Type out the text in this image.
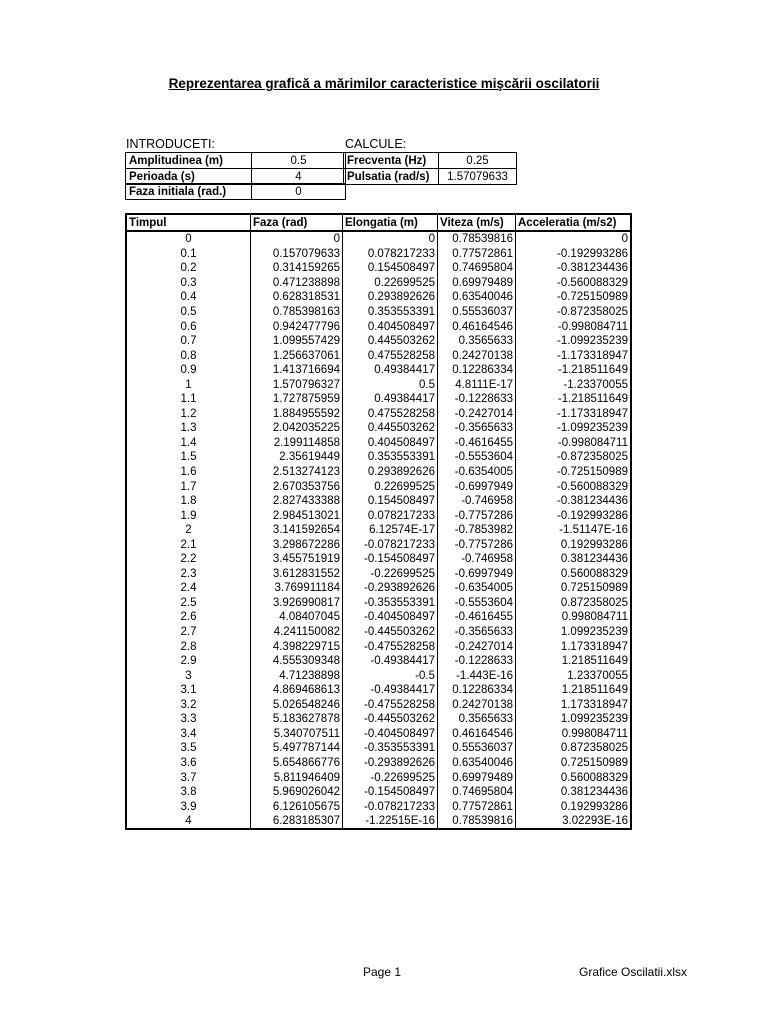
Reprezentarea grafică a mărimilor caracteristice mişcării oscilatorii
INTRODUCETI:	CALCULE:
Amplitudinea (m)	0.5
Perioada (s)	4
Faza initiala (rad.)	0
Frecventa (Hz)	0.25
Pulsatia (rad/s)	1.57079633
Timpul	Faza (rad)	Elongatia (m)	Viteza (m/s)	Acceleratia (m/s2)
0	0	0	0.78539816	0
0.1	0.157079633	0.078217233	0.77572861	-0.192993286
0.2	0.314159265	0.154508497	0.74695804	-0.381234436
0.3	0.471238898	0.22699525	0.69979489	-0.560088329
0.4	0.628318531	0.293892626	0.63540046	-0.725150989
0.5	0.785398163	0.353553391	0.55536037	-0.872358025
0.6	0.942477796	0.404508497	0.46164546	-0.998084711
0.7	1.099557429	0.445503262	0.3565633	-1.099235239
0.8	1.256637061	0.475528258	0.24270138	-1.173318947
0.9	1.413716694	0.49384417	0.12286334	-1.218511649
1	1.570796327	0.5	4.8111E-17	-1.23370055
1.1	1.727875959	0.49384417	-0.1228633	-1.218511649
1.2	1.884955592	0.475528258	-0.2427014	-1.173318947
1.3	2.042035225	0.445503262	-0.3565633	-1.099235239
1.4	2.199114858	0.404508497	-0.4616455	-0.998084711
1.5	2.35619449	0.353553391	-0.5553604	-0.872358025
1.6	2.513274123	0.293892626	-0.6354005	-0.725150989
1.7	2.670353756	0.22699525	-0.6997949	-0.560088329
1.8	2.827433388	0.154508497	-0.746958	-0.381234436
1.9	2.984513021	0.078217233	-0.7757286	-0.192993286
2	3.141592654	6.12574E-17	-0.7853982	-1.51147E-16
2.1	3.298672286	-0.078217233	-0.7757286	0.192993286
2.2	3.455751919	-0.154508497	-0.746958	0.381234436
2.3	3.612831552	-0.22699525	-0.6997949	0.560088329
2.4	3.769911184	-0.293892626	-0.6354005	0.725150989
2.5	3.926990817	-0.353553391	-0.5553604	0.872358025
2.6	4.08407045	-0.404508497	-0.4616455	0.998084711
2.7	4.241150082	-0.445503262	-0.3565633	1.099235239
2.8	4.398229715	-0.475528258	-0.2427014	1.173318947
2.9	4.555309348	-0.49384417	-0.1228633	1.218511649
3	4.71238898	-0.5	-1.443E-16	1.23370055
3.1	4.869468613	-0.49384417	0.12286334	1.218511649
3.2	5.026548246	-0.475528258	0.24270138	1.173318947
3.3	5.183627878	-0.445503262	0.3565633	1.099235239
3.4	5.340707511	-0.404508497	0.46164546	0.998084711
3.5	5.497787144	-0.353553391	0.55536037	0.872358025
3.6	5.654866776	-0.293892626	0.63540046	0.725150989
3.7	5.811946409	-0.22699525	0.69979489	0.560088329
3.8	5.969026042	-0.154508497	0.74695804	0.381234436
3.9	6.126105675	-0.078217233	0.77572861	0.192993286
4	6.283185307	-1.22515E-16	0.78539816	3.02293E-16
Page 1	Grafice Oscilatii.xlsx
